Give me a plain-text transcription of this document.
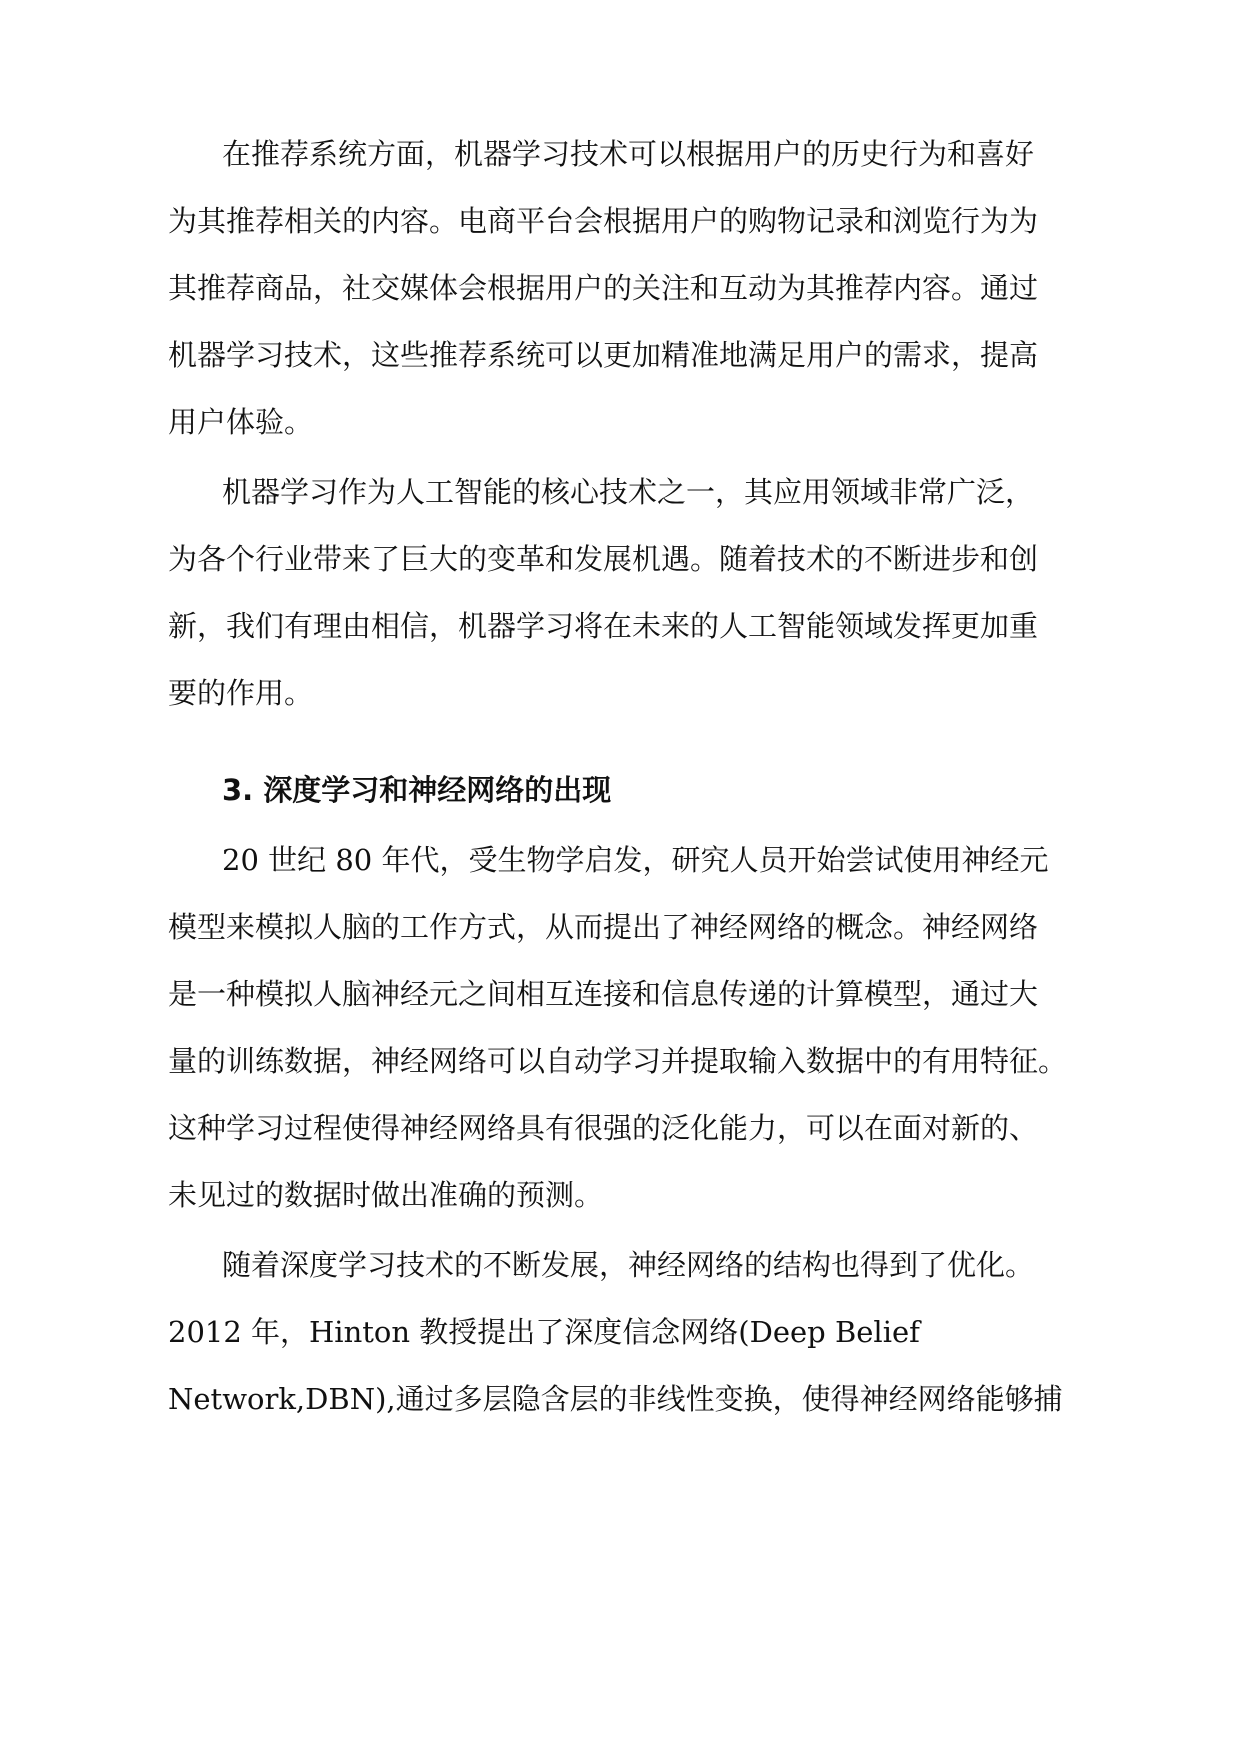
在推荐系统方面，机器学习技术可以根据用户的历史行为和喜好
为其推荐相关的内容。电商平台会根据用户的购物记录和浏览行为为
其推荐商品，社交媒体会根据用户的关注和互动为其推荐内容。通过
机器学习技术，这些推荐系统可以更加精准地满足用户的需求，提高
用户体验。
机器学习作为人工智能的核心技术之一，其应用领域非常广泛，
为各个行业带来了巨大的变革和发展机遇。随着技术的不断进步和创
新，我们有理由相信，机器学习将在未来的人工智能领域发挥更加重
要的作用。
3. 深度学习和神经网络的出现
20 世纪 80 年代，受生物学启发，研究人员开始尝试使用神经元
模型来模拟人脑的工作方式，从而提出了神经网络的概念。神经网络
是一种模拟人脑神经元之间相互连接和信息传递的计算模型，通过大
量的训练数据，神经网络可以自动学习并提取输入数据中的有用特征。
这种学习过程使得神经网络具有很强的泛化能力，可以在面对新的、
未见过的数据时做出准确的预测。
随着深度学习技术的不断发展，神经网络的结构也得到了优化。
2012 年，Hinton 教授提出了深度信念网络(Deep Belief
Network,DBN),通过多层隐含层的非线性变换，使得神经网络能够捕
